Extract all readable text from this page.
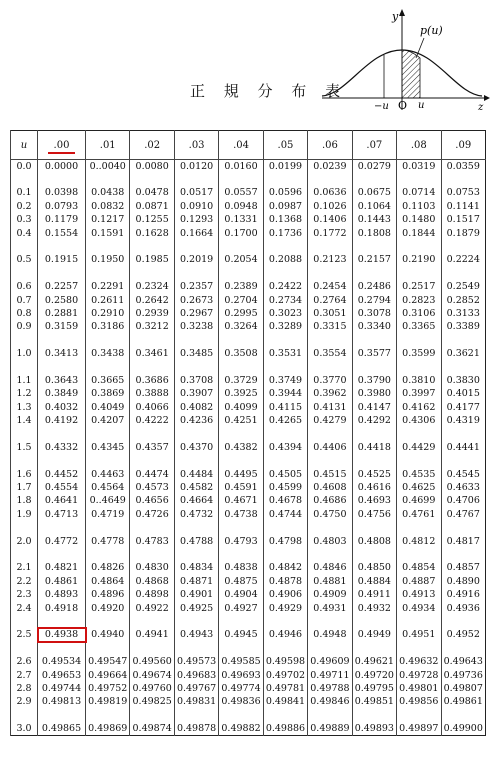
正 規 分 布 表
y
p(u)
−u O u	z
u	.00	.01	.02	.03	.04	.05	.06	.07	.08	.09
0.0	0.0000	0..0040	0.0080	0.0120	0.0160	0.0199	0.0239	0.0279	0.0319	0.0359

0.1	0.0398	0.0438	0.0478	0.0517	0.0557	0.0596	0.0636	0.0675	0.0714	0.0753
0.2	0.0793	0.0832	0.0871	0.0910	0.0948	0.0987	0.1026	0.1064	0.1103	0.1141
0.3	0.1179	0.1217	0.1255	0.1293	0.1331	0.1368	0.1406	0.1443	0.1480	0.1517
0.4	0.1554	0.1591	0.1628	0.1664	0.1700	0.1736	0.1772	0.1808	0.1844	0.1879

0.5	0.1915	0.1950	0.1985	0.2019	0.2054	0.2088	0.2123	0.2157	0.2190	0.2224

0.6	0.2257	0.2291	0.2324	0.2357	0.2389	0.2422	0.2454	0.2486	0.2517	0.2549
0.7	0.2580	0.2611	0.2642	0.2673	0.2704	0.2734	0.2764	0.2794	0.2823	0.2852
0.8	0.2881	0.2910	0.2939	0.2967	0.2995	0.3023	0.3051	0.3078	0.3106	0.3133
0.9	0.3159	0.3186	0.3212	0.3238	0.3264	0.3289	0.3315	0.3340	0.3365	0.3389

1.0	0.3413	0.3438	0.3461	0.3485	0.3508	0.3531	0.3554	0.3577	0.3599	0.3621

1.1	0.3643	0.3665	0.3686	0.3708	0.3729	0.3749	0.3770	0.3790	0.3810	0.3830
1.2	0.3849	0.3869	0.3888	0.3907	0.3925	0.3944	0.3962	0.3980	0.3997	0.4015
1.3	0.4032	0.4049	0.4066	0.4082	0.4099	0.4115	0.4131	0.4147	0.4162	0.4177
1.4	0.4192	0.4207	0.4222	0.4236	0.4251	0.4265	0.4279	0.4292	0.4306	0.4319

1.5	0.4332	0.4345	0.4357	0.4370	0.4382	0.4394	0.4406	0.4418	0.4429	0.4441

1.6	0.4452	0.4463	0.4474	0.4484	0.4495	0.4505	0.4515	0.4525	0.4535	0.4545
1.7	0.4554	0.4564	0.4573	0.4582	0.4591	0.4599	0.4608	0.4616	0.4625	0.4633
1.8	0.4641	0..4649	0.4656	0.4664	0.4671	0.4678	0.4686	0.4693	0.4699	0.4706
1.9	0.4713	0.4719	0.4726	0.4732	0.4738	0.4744	0.4750	0.4756	0.4761	0.4767

2.0	0.4772	0.4778	0.4783	0.4788	0.4793	0.4798	0.4803	0.4808	0.4812	0.4817

2.1	0.4821	0.4826	0.4830	0.4834	0.4838	0.4842	0.4846	0.4850	0.4854	0.4857
2.2	0.4861	0.4864	0.4868	0.4871	0.4875	0.4878	0.4881	0.4884	0.4887	0.4890
2.3	0.4893	0.4896	0.4898	0.4901	0.4904	0.4906	0.4909	0.4911	0.4913	0.4916
2.4	0.4918	0.4920	0.4922	0.4925	0.4927	0.4929	0.4931	0.4932	0.4934	0.4936

2.5	0.4938	0.4940	0.4941	0.4943	0.4945	0.4946	0.4948	0.4949	0.4951	0.4952

2.6	0.49534	0.49547	0.49560	0.49573	0.49585	0.49598	0.49609	0.49621	0.49632	0.49643
2.7	0.49653	0.49664	0.49674	0.49683	0.49693	0.49702	0.49711	0.49720	0.49728	0.49736
2.8	0.49744	0.49752	0.49760	0.49767	0.49774	0.49781	0.49788	0.49795	0.49801	0.49807
2.9	0.49813	0.49819	0.49825	0.49831	0.49836	0.49841	0.49846	0.49851	0.49856	0.49861

3.0	0.49865	0.49869	0.49874	0.49878	0.49882	0.49886	0.49889	0.49893	0.49897	0.49900
